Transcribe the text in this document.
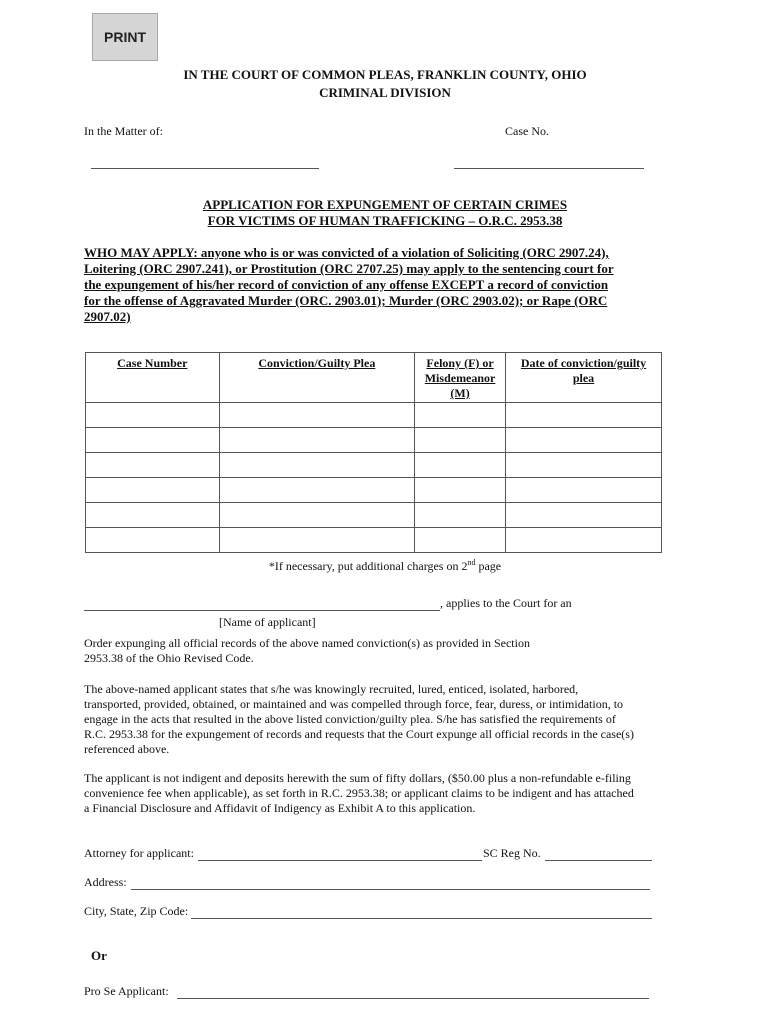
PRINT
IN THE COURT OF COMMON PLEAS, FRANKLIN COUNTY, OHIO
CRIMINAL DIVISION
In the Matter of:	Case No.
APPLICATION FOR EXPUNGEMENT OF CERTAIN CRIMES
FOR VICTIMS OF HUMAN TRAFFICKING – O.R.C. 2953.38
WHO MAY APPLY: anyone who is or was convicted of a violation of Soliciting (ORC 2907.24),
Loitering (ORC 2907.241), or Prostitution (ORC 2707.25) may apply to the sentencing court for
the expungement of his/her record of conviction of any offense EXCEPT a record of conviction
for the offense of Aggravated Murder (ORC. 2903.01); Murder (ORC 2903.02); or Rape (ORC
2907.02)
Case Number	Conviction/Guilty Plea	Felony (F) or Misdemeanor (M)	Date of conviction/guilty plea

*If necessary, put additional charges on 2nd page
, applies to the Court for an
[Name of applicant]
Order expunging all official records of the above named conviction(s) as provided in Section
2953.38 of the Ohio Revised Code.
The above-named applicant states that s/he was knowingly recruited, lured, enticed, isolated, harbored,
transported, provided, obtained, or maintained and was compelled through force, fear, duress, or intimidation, to
engage in the acts that resulted in the above listed conviction/guilty plea. S/he has satisfied the requirements of
R.C. 2953.38 for the expungement of records and requests that the Court expunge all official records in the case(s)
referenced above.
The applicant is not indigent and deposits herewith the sum of fifty dollars, ($50.00 plus a non-refundable e-filing
convenience fee when applicable), as set forth in R.C. 2953.38; or applicant claims to be indigent and has attached
a Financial Disclosure and Affidavit of Indigency as Exhibit A to this application.
Attorney for applicant:	SC Reg No.
Address:
City, State, Zip Code:
Or
Pro Se Applicant:
